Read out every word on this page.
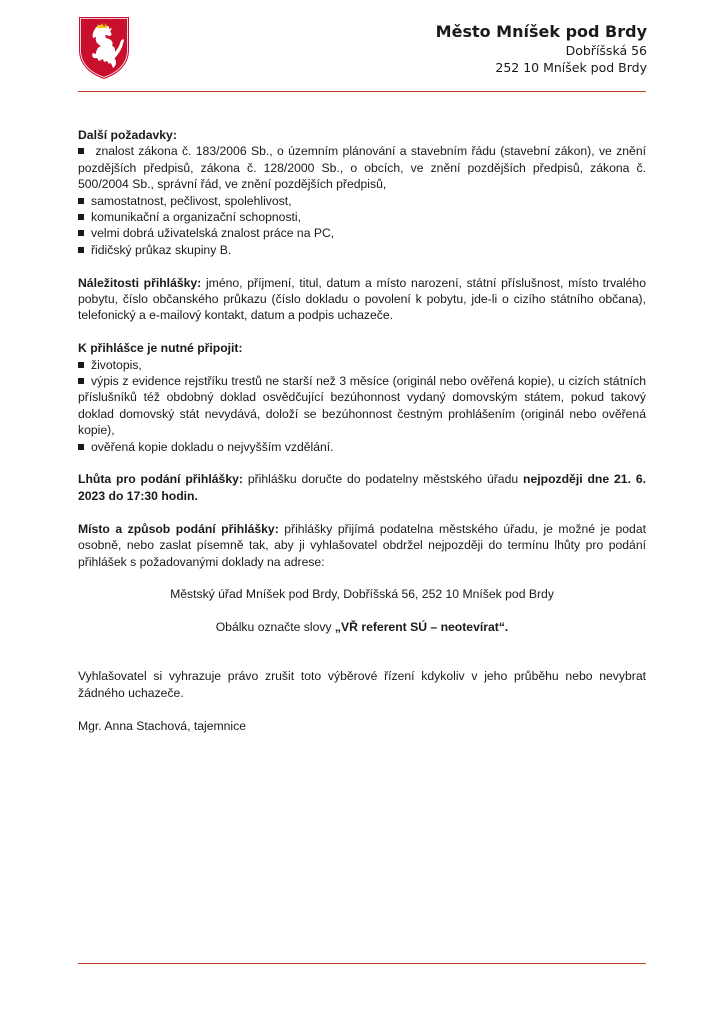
Město Mníšek pod Brdy
Dobříšská 56
252 10 Mníšek pod Brdy

Další požadavky:

znalost zákona č. 183/2006 Sb., o územním plánování a stavebním řádu (stavební zákon), ve znění pozdějších předpisů, zákona č. 128/2000 Sb., o obcích, ve znění pozdějších předpisů, zákona č. 500/2004 Sb., správní řád, ve znění pozdějších předpisů,
samostatnost, pečlivost, spolehlivost,
komunikační a organizační schopnosti,
velmi dobrá uživatelská znalost práce na PC,
řidičský průkaz skupiny B.

Náležitosti přihlášky: jméno, příjmení, titul, datum a místo narození, státní příslušnost, místo trvalého pobytu, číslo občanského průkazu (číslo dokladu o povolení k pobytu, jde-li o cizího státního občana), telefonický a e-mailový kontakt, datum a podpis uchazeče.

K přihlášce je nutné připojit:

životopis,
výpis z evidence rejstříku trestů ne starší než 3 měsíce (originál nebo ověřená kopie), u cizích státních příslušníků též obdobný doklad osvědčující bezúhonnost vydaný domovským státem, pokud takový doklad domovský stát nevydává, doloží se bezúhonnost čestným prohlášením (originál nebo ověřená kopie),
ověřená kopie dokladu o nejvyšším vzdělání.

Lhůta pro podání přihlášky: přihlášku doručte do podatelny městského úřadu nejpozději dne 21. 6. 2023 do 17:30 hodin.

Místo a způsob podání přihlášky: přihlášky přijímá podatelna městského úřadu, je možné je podat osobně, nebo zaslat písemně tak, aby ji vyhlašovatel obdržel nejpozději do termínu lhůty pro podání přihlášek s požadovanými doklady na adrese:

Městský úřad Mníšek pod Brdy, Dobříšská 56, 252 10 Mníšek pod Brdy

Obálku označte slovy „VŘ referent SÚ – neotevírat“.

Vyhlašovatel si vyhrazuje právo zrušit toto výběrové řízení kdykoliv v jeho průběhu nebo nevybrat žádného uchazeče.

Mgr. Anna Stachová, tajemnice
